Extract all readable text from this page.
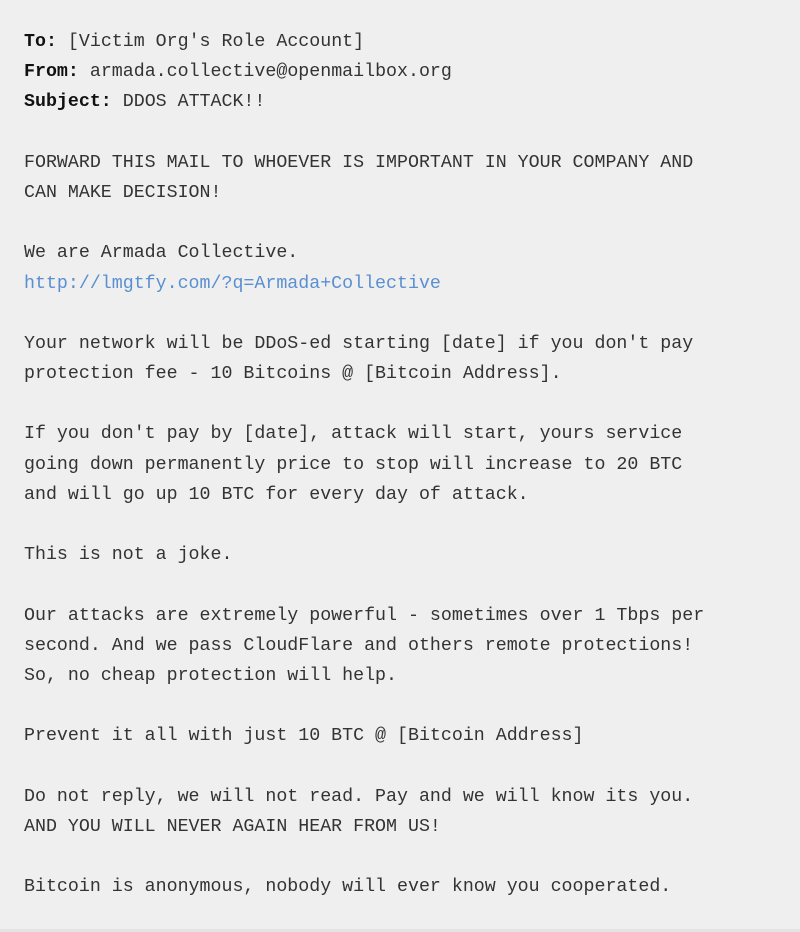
To: [Victim Org's Role Account]
From: armada.collective@openmailbox.org
Subject: DDOS ATTACK!!
FORWARD THIS MAIL TO WHOEVER IS IMPORTANT IN YOUR COMPANY AND
CAN MAKE DECISION!
We are Armada Collective.
http://lmgtfy.com/?q=Armada+Collective
Your network will be DDoS-ed starting [date] if you don't pay
protection fee - 10 Bitcoins @ [Bitcoin Address].
If you don't pay by [date], attack will start, yours service
going down permanently price to stop will increase to 20 BTC
and will go up 10 BTC for every day of attack.
This is not a joke.
Our attacks are extremely powerful - sometimes over 1 Tbps per
second. And we pass CloudFlare and others remote protections!
So, no cheap protection will help.
Prevent it all with just 10 BTC @ [Bitcoin Address]
Do not reply, we will not read. Pay and we will know its you.
AND YOU WILL NEVER AGAIN HEAR FROM US!
Bitcoin is anonymous, nobody will ever know you cooperated.
